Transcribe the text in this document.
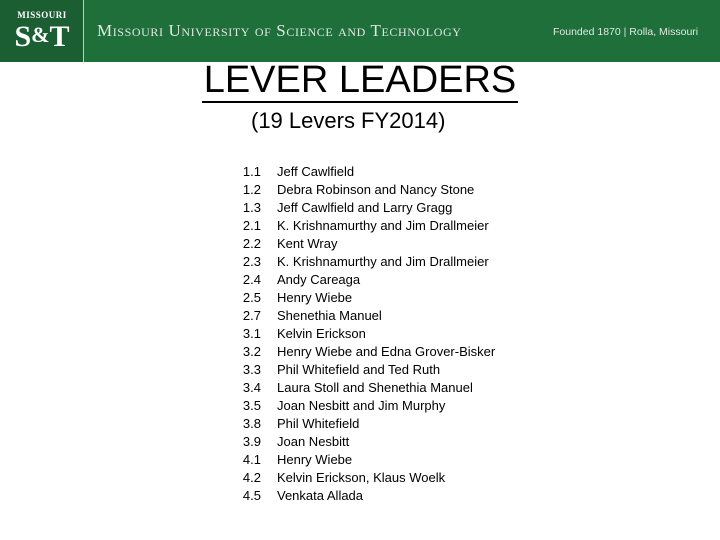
MISSOURI
S&T	Missouri University of Science and Technology	Founded 1870 | Rolla, Missouri
LEVER LEADERS
(19 Levers FY2014)
1.1 Jeff Cawlfield
1.2 Debra Robinson and Nancy Stone
1.3 Jeff Cawlfield and Larry Gragg
2.1 K. Krishnamurthy and Jim Drallmeier
2.2 Kent Wray
2.3 K. Krishnamurthy and Jim Drallmeier
2.4 Andy Careaga
2.5 Henry Wiebe
2.7 Shenethia Manuel
3.1 Kelvin Erickson
3.2 Henry Wiebe and Edna Grover-Bisker
3.3 Phil Whitefield and Ted Ruth
3.4 Laura Stoll and Shenethia Manuel
3.5 Joan Nesbitt and Jim Murphy
3.8 Phil Whitefield
3.9 Joan Nesbitt
4.1 Henry Wiebe
4.2 Kelvin Erickson, Klaus Woelk
4.5 Venkata Allada
